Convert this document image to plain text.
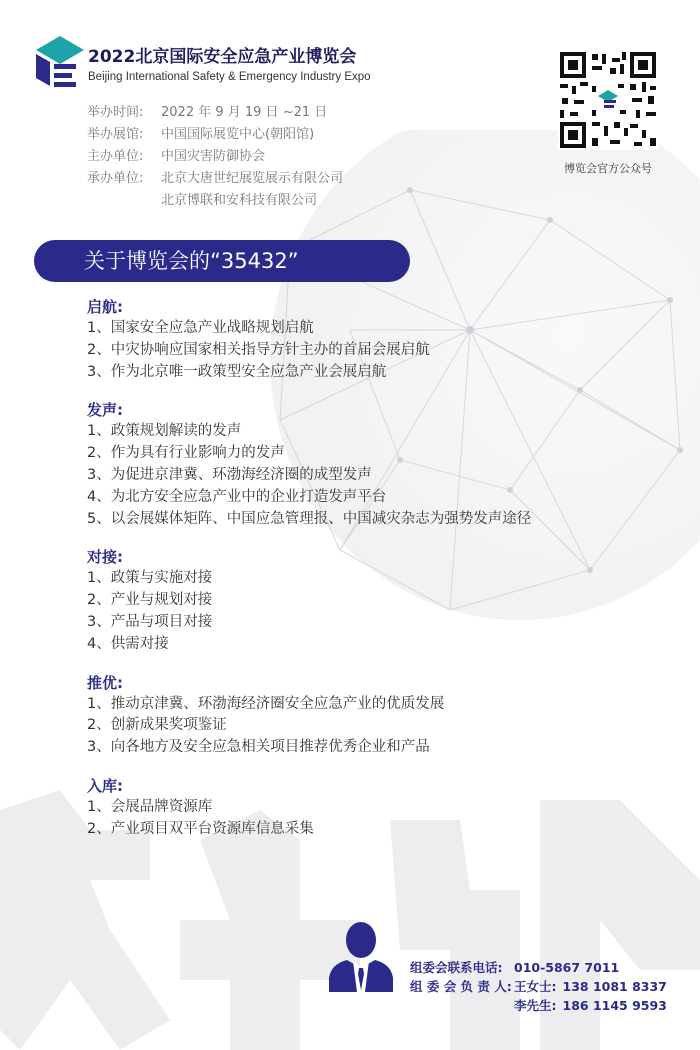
2022北京国际安全应急产业博览会
Beijing International Safety & Emergency Industry Expo
举办时间:	2022 年 9 月 19 日 ~21 日
举办展馆:	中国国际展览中心(朝阳馆)
主办单位:	中国灾害防御协会
承办单位:	北京大唐世纪展览展示有限公司
北京博联和安科技有限公司
博览会官方公众号
关于博览会的“35432”
启航:
1、国家安全应急产业战略规划启航
2、中灾协响应国家相关指导方针主办的首届会展启航
3、作为北京唯一政策型安全应急产业会展启航
发声:
1、政策规划解读的发声
2、作为具有行业影响力的发声
3、为促进京津冀、环渤海经济圈的成型发声
4、为北方安全应急产业中的企业打造发声平台
5、以会展媒体矩阵、中国应急管理报、中国减灾杂志为强势发声途径
对接:
1、政策与实施对接
2、产业与规划对接
3、产品与项目对接
4、供需对接
推优:
1、推动京津冀、环渤海经济圈安全应急产业的优质发展
2、创新成果奖项鉴证
3、向各地方及安全应急相关项目推荐优秀企业和产品
入库:
1、会展品牌资源库
2、产业项目双平台资源库信息采集
组委会联系电话: 010-5867 7011
组 委 会 负 责 人: 王女士: 138 1081 8337
李先生: 186 1145 9593
